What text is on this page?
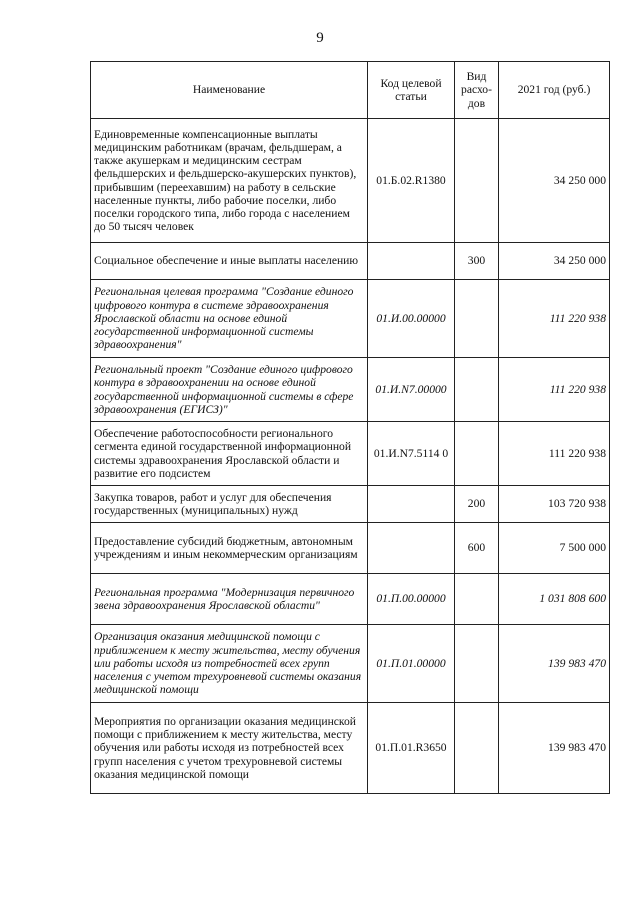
9
Наименование	Код целевой статьи	Вид расхо-дов	2021 год (руб.)
Единовременные компенсационные выплаты медицинским работникам (врачам, фельдшерам, а также акушеркам и медицинским сестрам фельдшерских и фельдшерско-акушерских пунктов), прибывшим (переехавшим) на работу в сельские населенные пункты, либо рабочие поселки, либо поселки городского типа, либо города с населением до 50 тысяч человек	01.Б.02.R1380		34 250 000
Социальное обеспечение и иные выплаты населению		300	34 250 000
Региональная целевая программа "Создание единого цифрового контура в системе здравоохранения Ярославской области на основе единой государственной информационной системы здравоохранения"	01.И.00.00000		111 220 938
Региональный проект "Создание единого цифрового контура в здравоохранении на основе единой государственной информационной системы в сфере здравоохранения (ЕГИСЗ)"	01.И.N7.00000		111 220 938
Обеспечение работоспособности регионального сегмента единой государственной информационной системы здравоохранения Ярославской области и развитие его подсистем	01.И.N7.5114 0		111 220 938
Закупка товаров, работ и услуг для обеспечения государственных (муниципальных) нужд		200	103 720 938
Предоставление субсидий бюджетным, автономным учреждениям и иным некоммерческим организациям		600	7 500 000
Региональная программа "Модернизация первичного звена здравоохранения Ярославской области"	01.П.00.00000		1 031 808 600
Организация оказания медицинской помощи с приближением к месту жительства, месту обучения или работы исходя из потребностей всех групп населения с учетом трехуровневой системы оказания медицинской помощи	01.П.01.00000		139 983 470
Мероприятия по организации оказания медицинской помощи с приближением к месту жительства, месту обучения или работы исходя из потребностей всех групп населения с учетом трехуровневой системы оказания медицинской помощи	01.П.01.R3650		139 983 470
